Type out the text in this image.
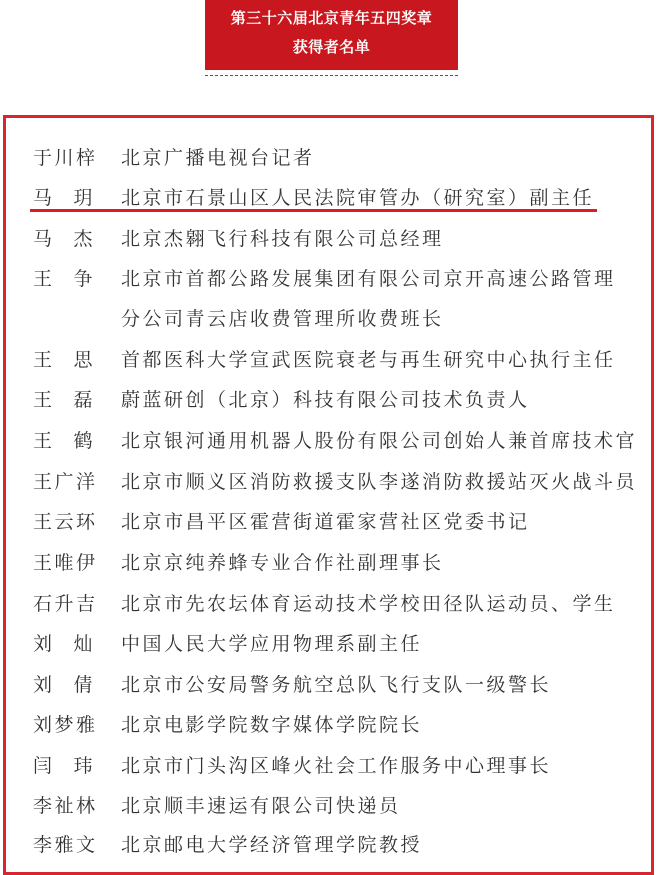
第三十六届北京青年五四奖章
获得者名单
于川梓 北京广播电视台记者
马 玥 北京市石景山区人民法院审管办（研究室）副主任
马 杰 北京杰翱飞行科技有限公司总经理
王 争 北京市首都公路发展集团有限公司京开高速公路管理
分公司青云店收费管理所收费班长
王 思 首都医科大学宣武医院衰老与再生研究中心执行主任
王 磊 蔚蓝研创（北京）科技有限公司技术负责人
王 鹤 北京银河通用机器人股份有限公司创始人兼首席技术官
王广洋 北京市顺义区消防救援支队李遂消防救援站灭火战斗员
王云环 北京市昌平区霍营街道霍家营社区党委书记
王唯伊 北京京纯养蜂专业合作社副理事长
石升吉 北京市先农坛体育运动技术学校田径队运动员、学生
刘 灿 中国人民大学应用物理系副主任
刘 倩 北京市公安局警务航空总队飞行支队一级警长
刘梦雅 北京电影学院数字媒体学院院长
闫 玮 北京市门头沟区峰火社会工作服务中心理事长
李祉林 北京顺丰速运有限公司快递员
李雅文 北京邮电大学经济管理学院教授
